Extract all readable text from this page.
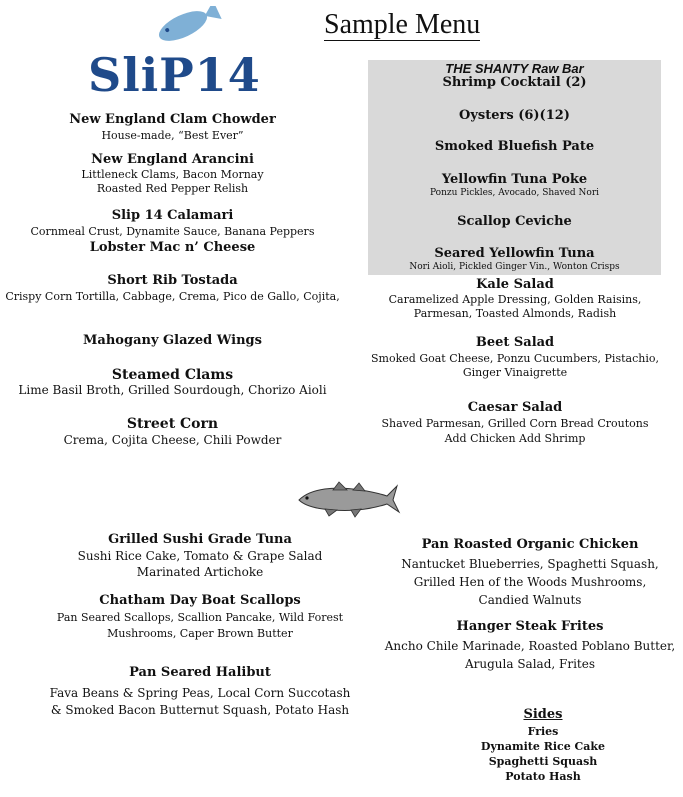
SliP14
Sample Menu
THE SHANTY Raw Bar
Shrimp Cocktail (2)
Oysters (6)(12)
Smoked Bluefish Pate
Yellowfin Tuna Poke
Ponzu Pickles, Avocado, Shaved Nori
Scallop Ceviche
Seared Yellowfin Tuna
Nori Aioli, Pickled Ginger Vin., Wonton Crisps
New England Clam Chowder
House-made, “Best Ever”
New England Arancini
Littleneck Clams, Bacon Mornay
Roasted Red Pepper Relish
Slip 14 Calamari
Cornmeal Crust, Dynamite Sauce, Banana Peppers
Lobster Mac n’ Cheese
Short Rib Tostada
Crispy Corn Tortilla, Cabbage, Crema, Pico de Gallo, Cojita,
Mahogany Glazed Wings
Steamed Clams
Lime Basil Broth, Grilled Sourdough, Chorizo Aioli
Street Corn
Crema, Cojita Cheese, Chili Powder
Kale Salad
Caramelized Apple Dressing, Golden Raisins,
Parmesan, Toasted Almonds, Radish
Beet Salad
Smoked Goat Cheese, Ponzu Cucumbers, Pistachio,
Ginger Vinaigrette
Caesar Salad
Shaved Parmesan, Grilled Corn Bread Croutons
Add Chicken Add Shrimp
Grilled Sushi Grade Tuna
Sushi Rice Cake, Tomato & Grape Salad
Marinated Artichoke
Chatham Day Boat Scallops
Pan Seared Scallops, Scallion Pancake, Wild Forest
Mushrooms, Caper Brown Butter
Pan Seared Halibut
Fava Beans & Spring Peas, Local Corn Succotash
& Smoked Bacon Butternut Squash, Potato Hash
Pan Roasted Organic Chicken
Nantucket Blueberries, Spaghetti Squash,
Grilled Hen of the Woods Mushrooms,
Candied Walnuts
Hanger Steak Frites
Ancho Chile Marinade, Roasted Poblano Butter,
Arugula Salad, Frites
Sides
Fries
Dynamite Rice Cake
Spaghetti Squash
Potato Hash
